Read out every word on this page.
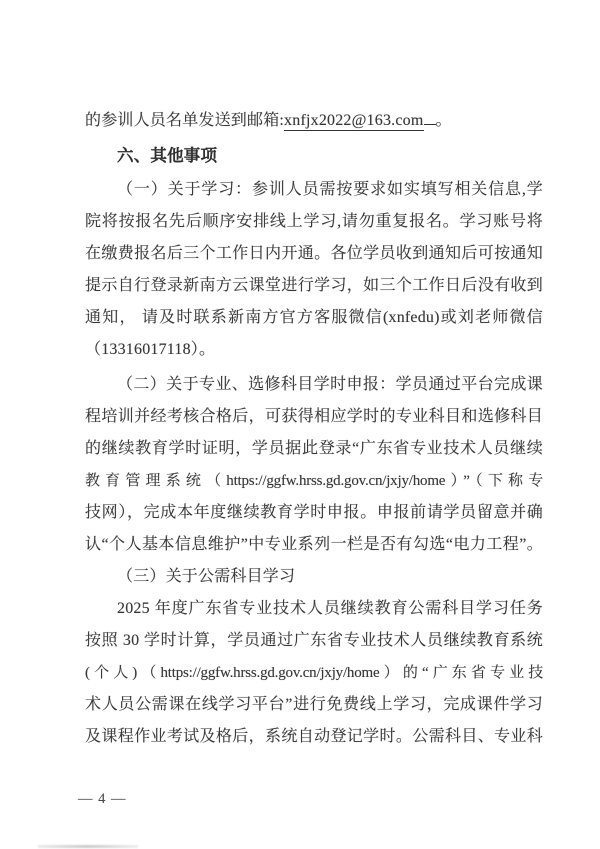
的参训人员名单发送到邮箱:xnfjx2022@163.com 。
六、其他事项
（一）关于学习：参训人员需按要求如实填写相关信息,学
院将按报名先后顺序安排线上学习,请勿重复报名。学习账号将
在缴费报名后三个工作日内开通。各位学员收到通知后可按通知
提示自行登录新南方云课堂进行学习，如三个工作日后没有收到
通知， 请及时联系新南方官方客服微信(xnfedu)或刘老师微信
（13316017118）。
（二）关于专业、选修科目学时申报：学员通过平台完成课
程培训并经考核合格后，可获得相应学时的专业科目和选修科目
的继续教育学时证明，学员据此登录“广东省专业技术人员继续
教育管理系统（https://ggfw.hrss.gd.gov.cn/jxjy/home）”（下称专
技网），完成本年度继续教育学时申报。申报前请学员留意并确
认“个人基本信息维护”中专业系列一栏是否有勾选“电力工程”。
（三）关于公需科目学习
2025 年度广东省专业技术人员继续教育公需科目学习任务
按照 30 学时计算，学员通过广东省专业技术人员继续教育系统
(个人)（https://ggfw.hrss.gd.gov.cn/jxjy/home）的“广东省专业技
术人员公需课在线学习平台”进行免费线上学习，完成课件学习
及课程作业考试及格后，系统自动登记学时。公需科目、专业科
— 4 —
